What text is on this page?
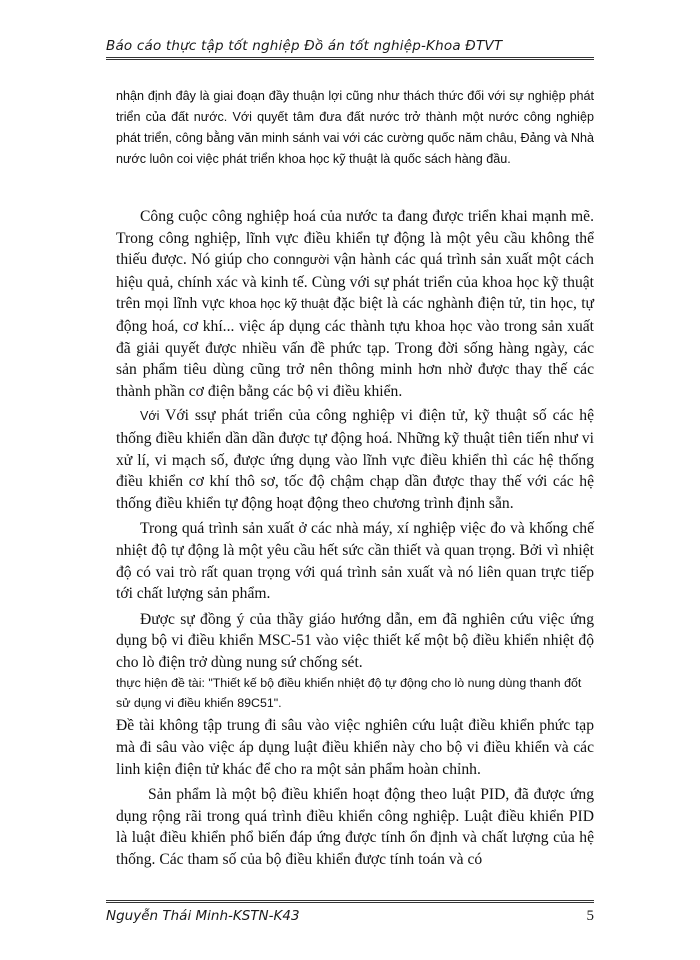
Báo cáo thực tập tốt nghiệp Đồ án tốt nghiệp-Khoa ĐTVT
nhận định đây là giai đoạn đầy thuận lợi cũng như thách thức đối với sự nghiệp phát triển của đất nước. Với quyết tâm đưa đất nước trở thành một nước công nghiệp phát triển, công bằng văn minh sánh vai với các cường quốc năm châu, Đảng và Nhà nước luôn coi việc phát triển khoa học kỹ thuật là quốc sách hàng đầu.

Công cuộc công nghiệp hoá của nước ta đang được triển khai mạnh mẽ. Trong công nghiệp, lĩnh vực điều khiển tự động là một yêu cầu không thể thiếu được. Nó giúp cho conngười vận hành các quá trình sản xuất một cách hiệu quả, chính xác và kinh tế. Cùng với sự phát triển của khoa học kỹ thuật trên mọi lĩnh vực khoa học kỹ thuật đặc biệt là các nghành điện tử, tin học, tự động hoá, cơ khí... việc áp dụng các thành tựu khoa học vào trong sản xuất đã giải quyết được nhiều vấn đề phức tạp. Trong đời sống hàng ngày, các sản phẩm tiêu dùng cũng trở nên thông minh hơn nhờ được thay thế các thành phần cơ điện bằng các bộ vi điều khiển.

Với Với ssự phát triển của công nghiệp vi điện tử, kỹ thuật số các hệ thống điều khiển dần dần được tự động hoá. Những kỹ thuật tiên tiến như vi xử lí, vi mạch số, được ứng dụng vào lĩnh vực điều khiển thì các hệ thống điều khiển cơ khí thô sơ, tốc độ chậm chạp dần được thay thế với các hệ thống điều khiển tự động hoạt động theo chương trình định sẵn.

Trong quá trình sản xuất ở các nhà máy, xí nghiệp việc đo và khống chế nhiệt độ tự động là một yêu cầu hết sức cần thiết và quan trọng. Bởi vì nhiệt độ có vai trò rất quan trọng với quá trình sản xuất và nó liên quan trực tiếp tới chất lượng sản phẩm.

Được sự đồng ý của thầy giáo hướng dẫn, em đã nghiên cứu việc ứng dụng bộ vi điều khiển MSC-51 vào việc thiết kế một bộ điều khiển nhiệt độ cho lò điện trở dùng nung sứ chống sét.

thực hiện đề tài: "Thiết kế bộ điều khiển nhiệt độ tự động cho lò nung dùng thanh đốt sử dụng vi điều khiển 89C51".

Đề tài không tập trung đi sâu vào việc nghiên cứu luật điều khiển phức tạp mà đi sâu vào việc áp dụng luật điều khiển này cho bộ vi điều khiển và các linh kiện điện tử khác để cho ra một sản phẩm hoàn chỉnh.

Sản phẩm là một bộ điều khiển hoạt động theo luật PID, đã được ứng dụng rộng rãi trong quá trình điều khiển công nghiệp. Luật điều khiển PID là luật điều khiển phổ biến đáp ứng được tính ổn định và chất lượng của hệ thống. Các tham số của bộ điều khiển được tính toán và có

Nguyễn Thái Minh-KSTN-K43	5
